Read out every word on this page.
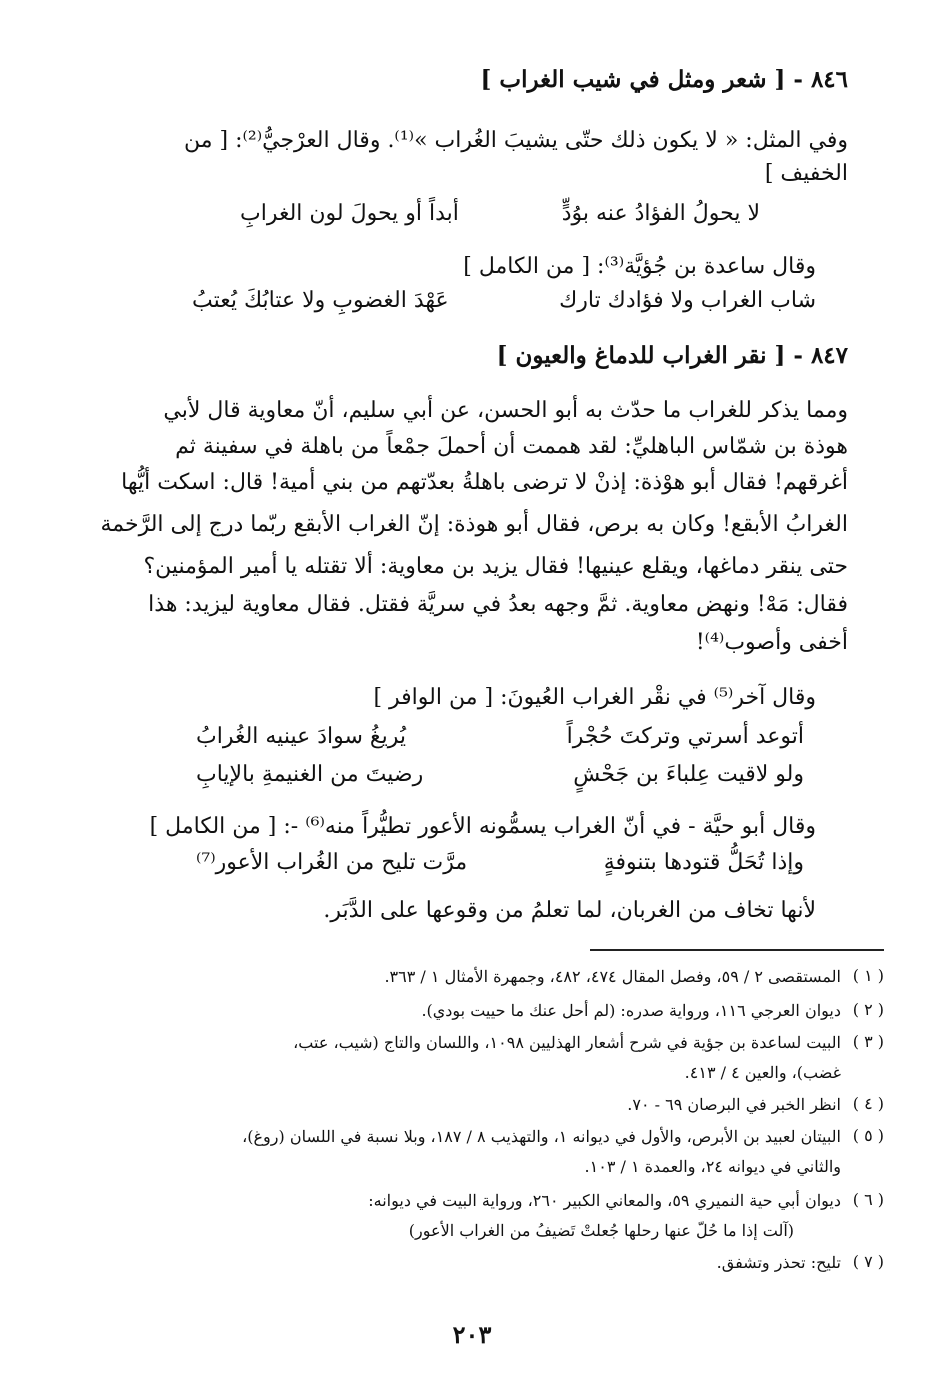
٨٤٦ - [ شعر ومثل في شيب الغراب ]
وفي المثل: « لا يكون ذلك حتّى يشيبَ الغُراب »⁽¹⁾. وقال العرْجيُّ⁽²⁾: [ من
الخفيف ]
لا يحولُ الفؤادُ عنه بوُدٍّ
أبداً أو يحولَ لون الغرابِ
وقال ساعدة بن جُؤيَّة⁽³⁾: [ من الكامل ]
شاب الغراب ولا فؤادك تارك
عَهْدَ الغضوبِ ولا عتابُكَ يُعتبُ
٨٤٧ - [ نقر الغراب للدماغ والعيون ]
ومما يذكر للغراب ما حدّث به أبو الحسن، عن أبي سليم، أنّ معاوية قال لأبي
هوذة بن شمّاس الباهليِّ: لقد هممت أن أحملَ جمْعاً من باهلة في سفينة ثم
أغرقهم! فقال أبو هوْذة: إذنْ لا ترضى باهلةُ بعدّتهم من بني أمية! قال: اسكت أيُّها
الغرابُ الأبقع! وكان به برص، فقال أبو هوذة: إنّ الغراب الأبقع ربّما درج إلى الرَّخمة
حتى ينقر دماغها، ويقلع عينيها! فقال يزيد بن معاوية: ألا تقتله يا أمير المؤمنين؟
فقال: مَهْ! ونهض معاوية. ثمَّ وجهه بعدُ في سريَّة فقتل. فقال معاوية ليزيد: هذا
أخفى وأصوب⁽⁴⁾!
وقال آخر⁽⁵⁾ في نقْر الغراب العُيونَ: [ من الوافر ]
أتوعد أسرتي وتركتَ حُجْراً
يُريغُ سوادَ عينيه الغُرابُ
ولو لاقيت عِلباءَ بن جَحْشٍ
رضيتَ من الغنيمةِ بالإيابِ
وقال أبو حيَّة - في أنّ الغراب يسمُّونه الأعور تطيُّراً منه⁽⁶⁾ -: [ من الكامل ]
وإذا تُحَلُّ قتودها بتنوفةٍ
مرَّت تليح من الغُراب الأعور⁽⁷⁾
لأنها تخاف من الغربان، لما تعلمُ من وقوعها على الدَّبَر.
( ١ )
المستقصى ٢ / ٥٩، وفصل المقال ٤٧٤، ٤٨٢، وجمهرة الأمثال ١ / ٣٦٣.
( ٢ )
ديوان العرجي ١١٦، ورواية صدره: (لم أحل عنك ما حييت بودي).
( ٣ )
البيت لساعدة بن جؤية في شرح أشعار الهذليين ١٠٩٨، واللسان والتاج (شيب، عتب،
غضب)، والعين ٤ / ٤١٣.
( ٤ )
انظر الخبر في البرصان ٦٩ - ٧٠.
( ٥ )
البيتان لعبيد بن الأبرص، والأول في ديوانه ١، والتهذيب ٨ / ١٨٧، وبلا نسبة في اللسان (روغ)،
والثاني في ديوانه ٢٤، والعمدة ١ / ١٠٣.
( ٦ )
ديوان أبي حية النميري ٥٩، والمعاني الكبير ٢٦٠، ورواية البيت في ديوانه:
(آلت إذا ما حُلّ عنها رحلها جُعلتْ تَضيفُ من الغراب الأعور)
( ٧ )
تليح: تحذر وتشفق.
٢٠٣
